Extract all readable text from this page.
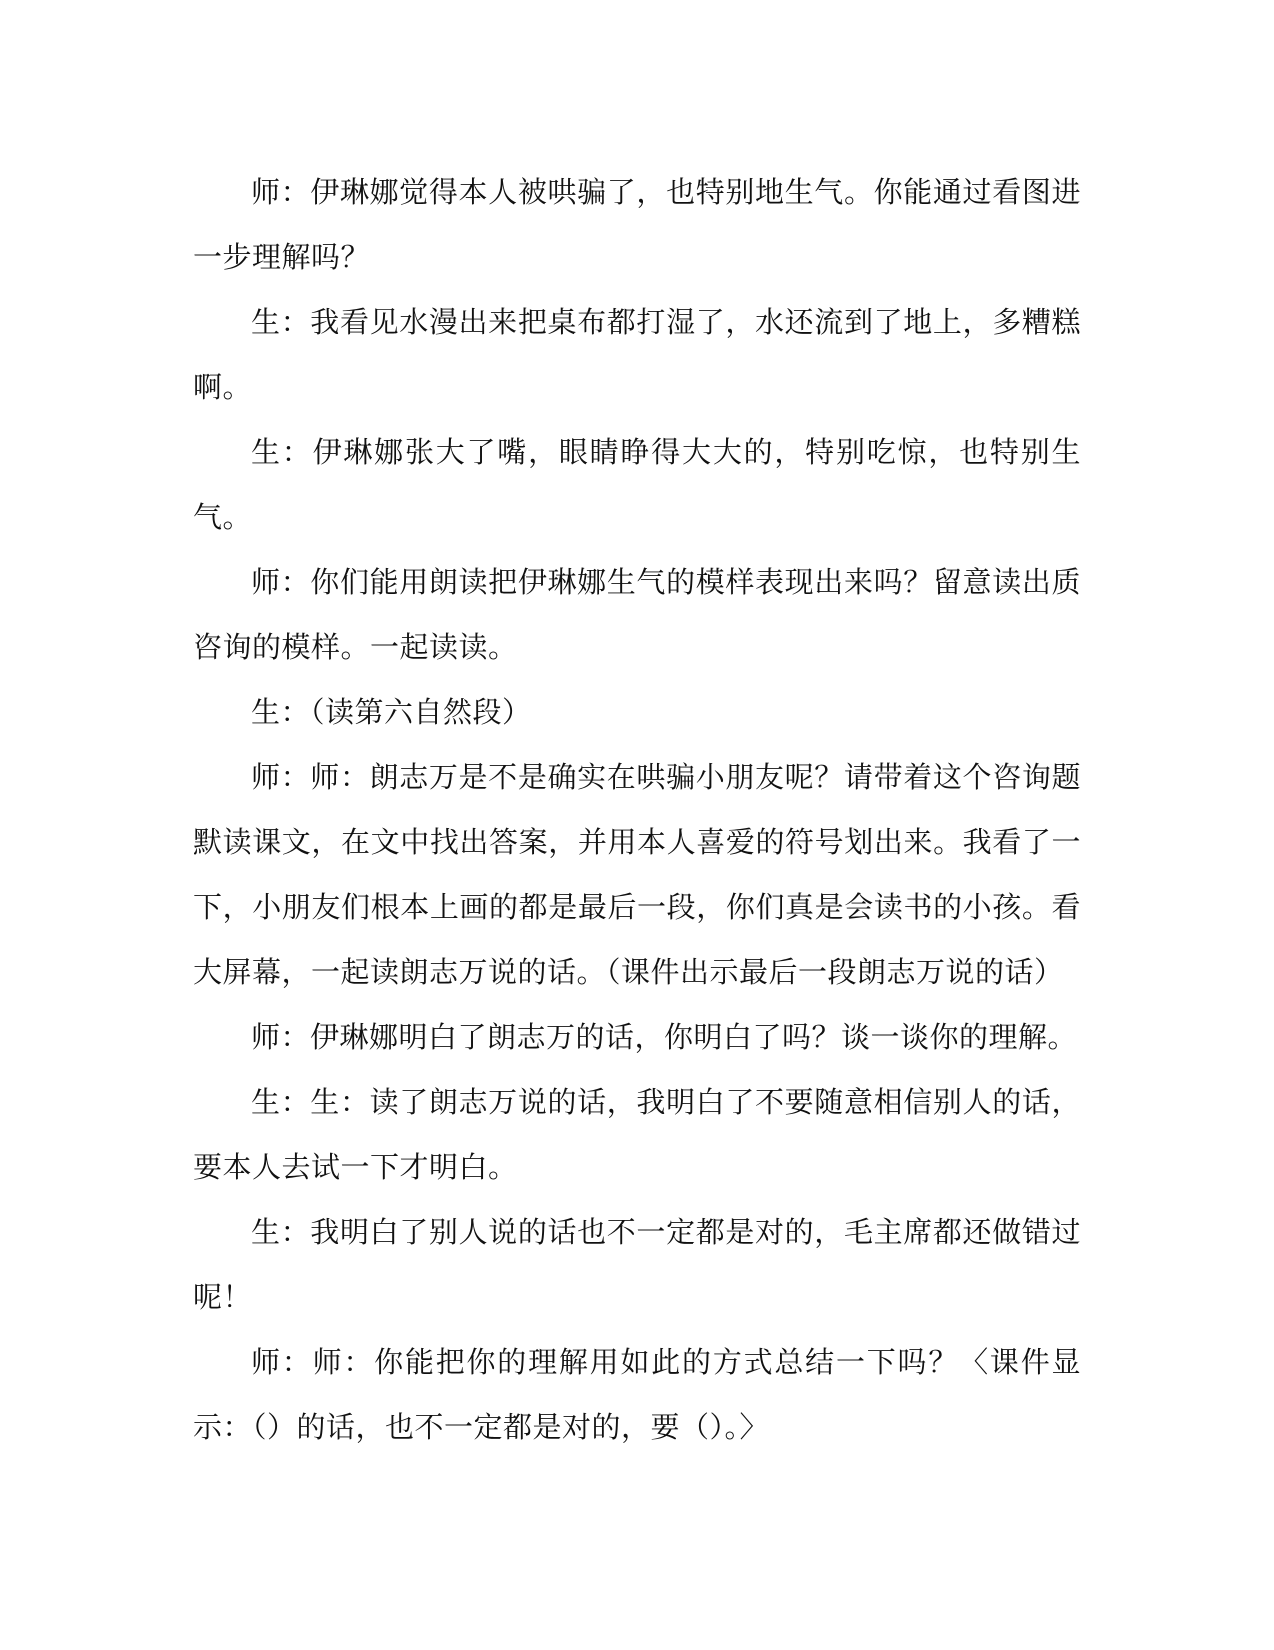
师：伊琳娜觉得本人被哄骗了，也特别地生气。你能通过看图进一步理解吗？

生：我看见水漫出来把桌布都打湿了，水还流到了地上，多糟糕啊。

生：伊琳娜张大了嘴，眼睛睁得大大的，特别吃惊，也特别生气。

师：你们能用朗读把伊琳娜生气的模样表现出来吗？留意读出质咨询的模样。一起读读。

生：（读第六自然段）

师：师：朗志万是不是确实在哄骗小朋友呢？请带着这个咨询题默读课文，在文中找出答案，并用本人喜爱的符号划出来。我看了一下，小朋友们根本上画的都是最后一段，你们真是会读书的小孩。看大屏幕，一起读朗志万说的话。（课件出示最后一段朗志万说的话）

师：伊琳娜明白了朗志万的话，你明白了吗？谈一谈你的理解。

生：生：读了朗志万说的话，我明白了不要随意相信别人的话，要本人去试一下才明白。

生：我明白了别人说的话也不一定都是对的，毛主席都还做错过呢！

师：师：你能把你的理解用如此的方式总结一下吗？〈课件显示：（）的话，也不一定都是对的，要（）。〉
